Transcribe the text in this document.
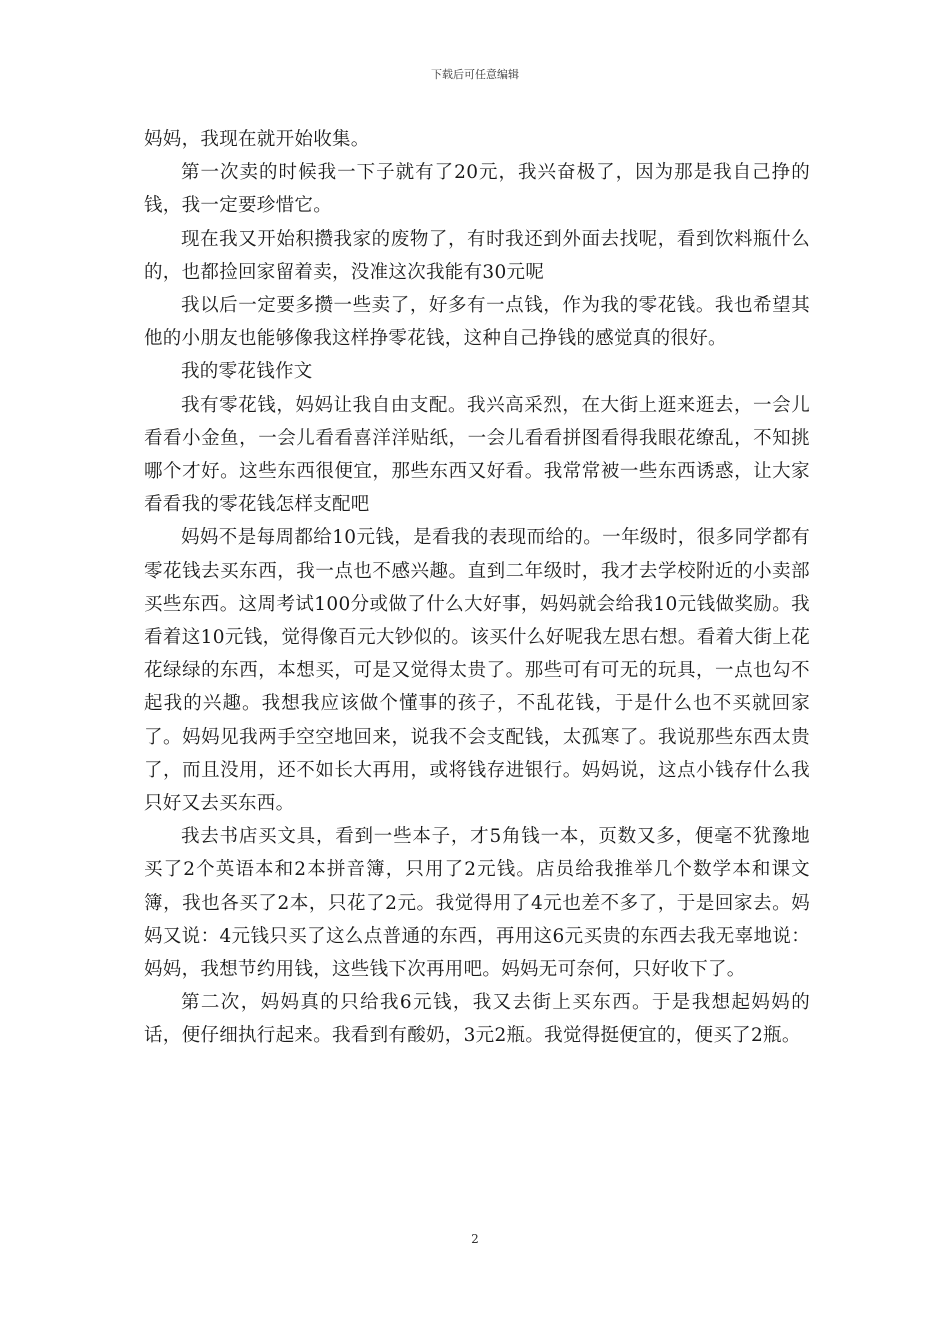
下载后可任意编辑

妈妈，我现在就开始收集。

第一次卖的时候我一下子就有了20元，我兴奋极了，因为那是我自己挣的钱，我一定要珍惜它。

现在我又开始积攒我家的废物了，有时我还到外面去找呢，看到饮料瓶什么的，也都捡回家留着卖，没准这次我能有30元呢

我以后一定要多攒一些卖了，好多有一点钱，作为我的零花钱。我也希望其他的小朋友也能够像我这样挣零花钱，这种自己挣钱的感觉真的很好。

我的零花钱作文

我有零花钱，妈妈让我自由支配。我兴高采烈，在大街上逛来逛去，一会儿看看小金鱼，一会儿看看喜洋洋贴纸，一会儿看看拼图看得我眼花缭乱，不知挑哪个才好。这些东西很便宜，那些东西又好看。我常常被一些东西诱惑，让大家看看我的零花钱怎样支配吧

妈妈不是每周都给10元钱，是看我的表现而给的。一年级时，很多同学都有零花钱去买东西，我一点也不感兴趣。直到二年级时，我才去学校附近的小卖部买些东西。这周考试100分或做了什么大好事，妈妈就会给我10元钱做奖励。我看着这10元钱，觉得像百元大钞似的。该买什么好呢我左思右想。看着大街上花花绿绿的东西，本想买，可是又觉得太贵了。那些可有可无的玩具，一点也勾不起我的兴趣。我想我应该做个懂事的孩子，不乱花钱，于是什么也不买就回家了。妈妈见我两手空空地回来，说我不会支配钱，太孤寒了。我说那些东西太贵了，而且没用，还不如长大再用，或将钱存进银行。妈妈说，这点小钱存什么我只好又去买东西。

我去书店买文具，看到一些本子，才5角钱一本，页数又多，便毫不犹豫地买了2个英语本和2本拼音簿，只用了2元钱。店员给我推举几个数学本和课文簿，我也各买了2本，只花了2元。我觉得用了4元也差不多了，于是回家去。妈妈又说：4元钱只买了这么点普通的东西，再用这6元买贵的东西去我无辜地说：妈妈，我想节约用钱，这些钱下次再用吧。妈妈无可奈何，只好收下了。

第二次，妈妈真的只给我6元钱，我又去街上买东西。于是我想起妈妈的话，便仔细执行起来。我看到有酸奶，3元2瓶。我觉得挺便宜的，便买了2瓶。

2
